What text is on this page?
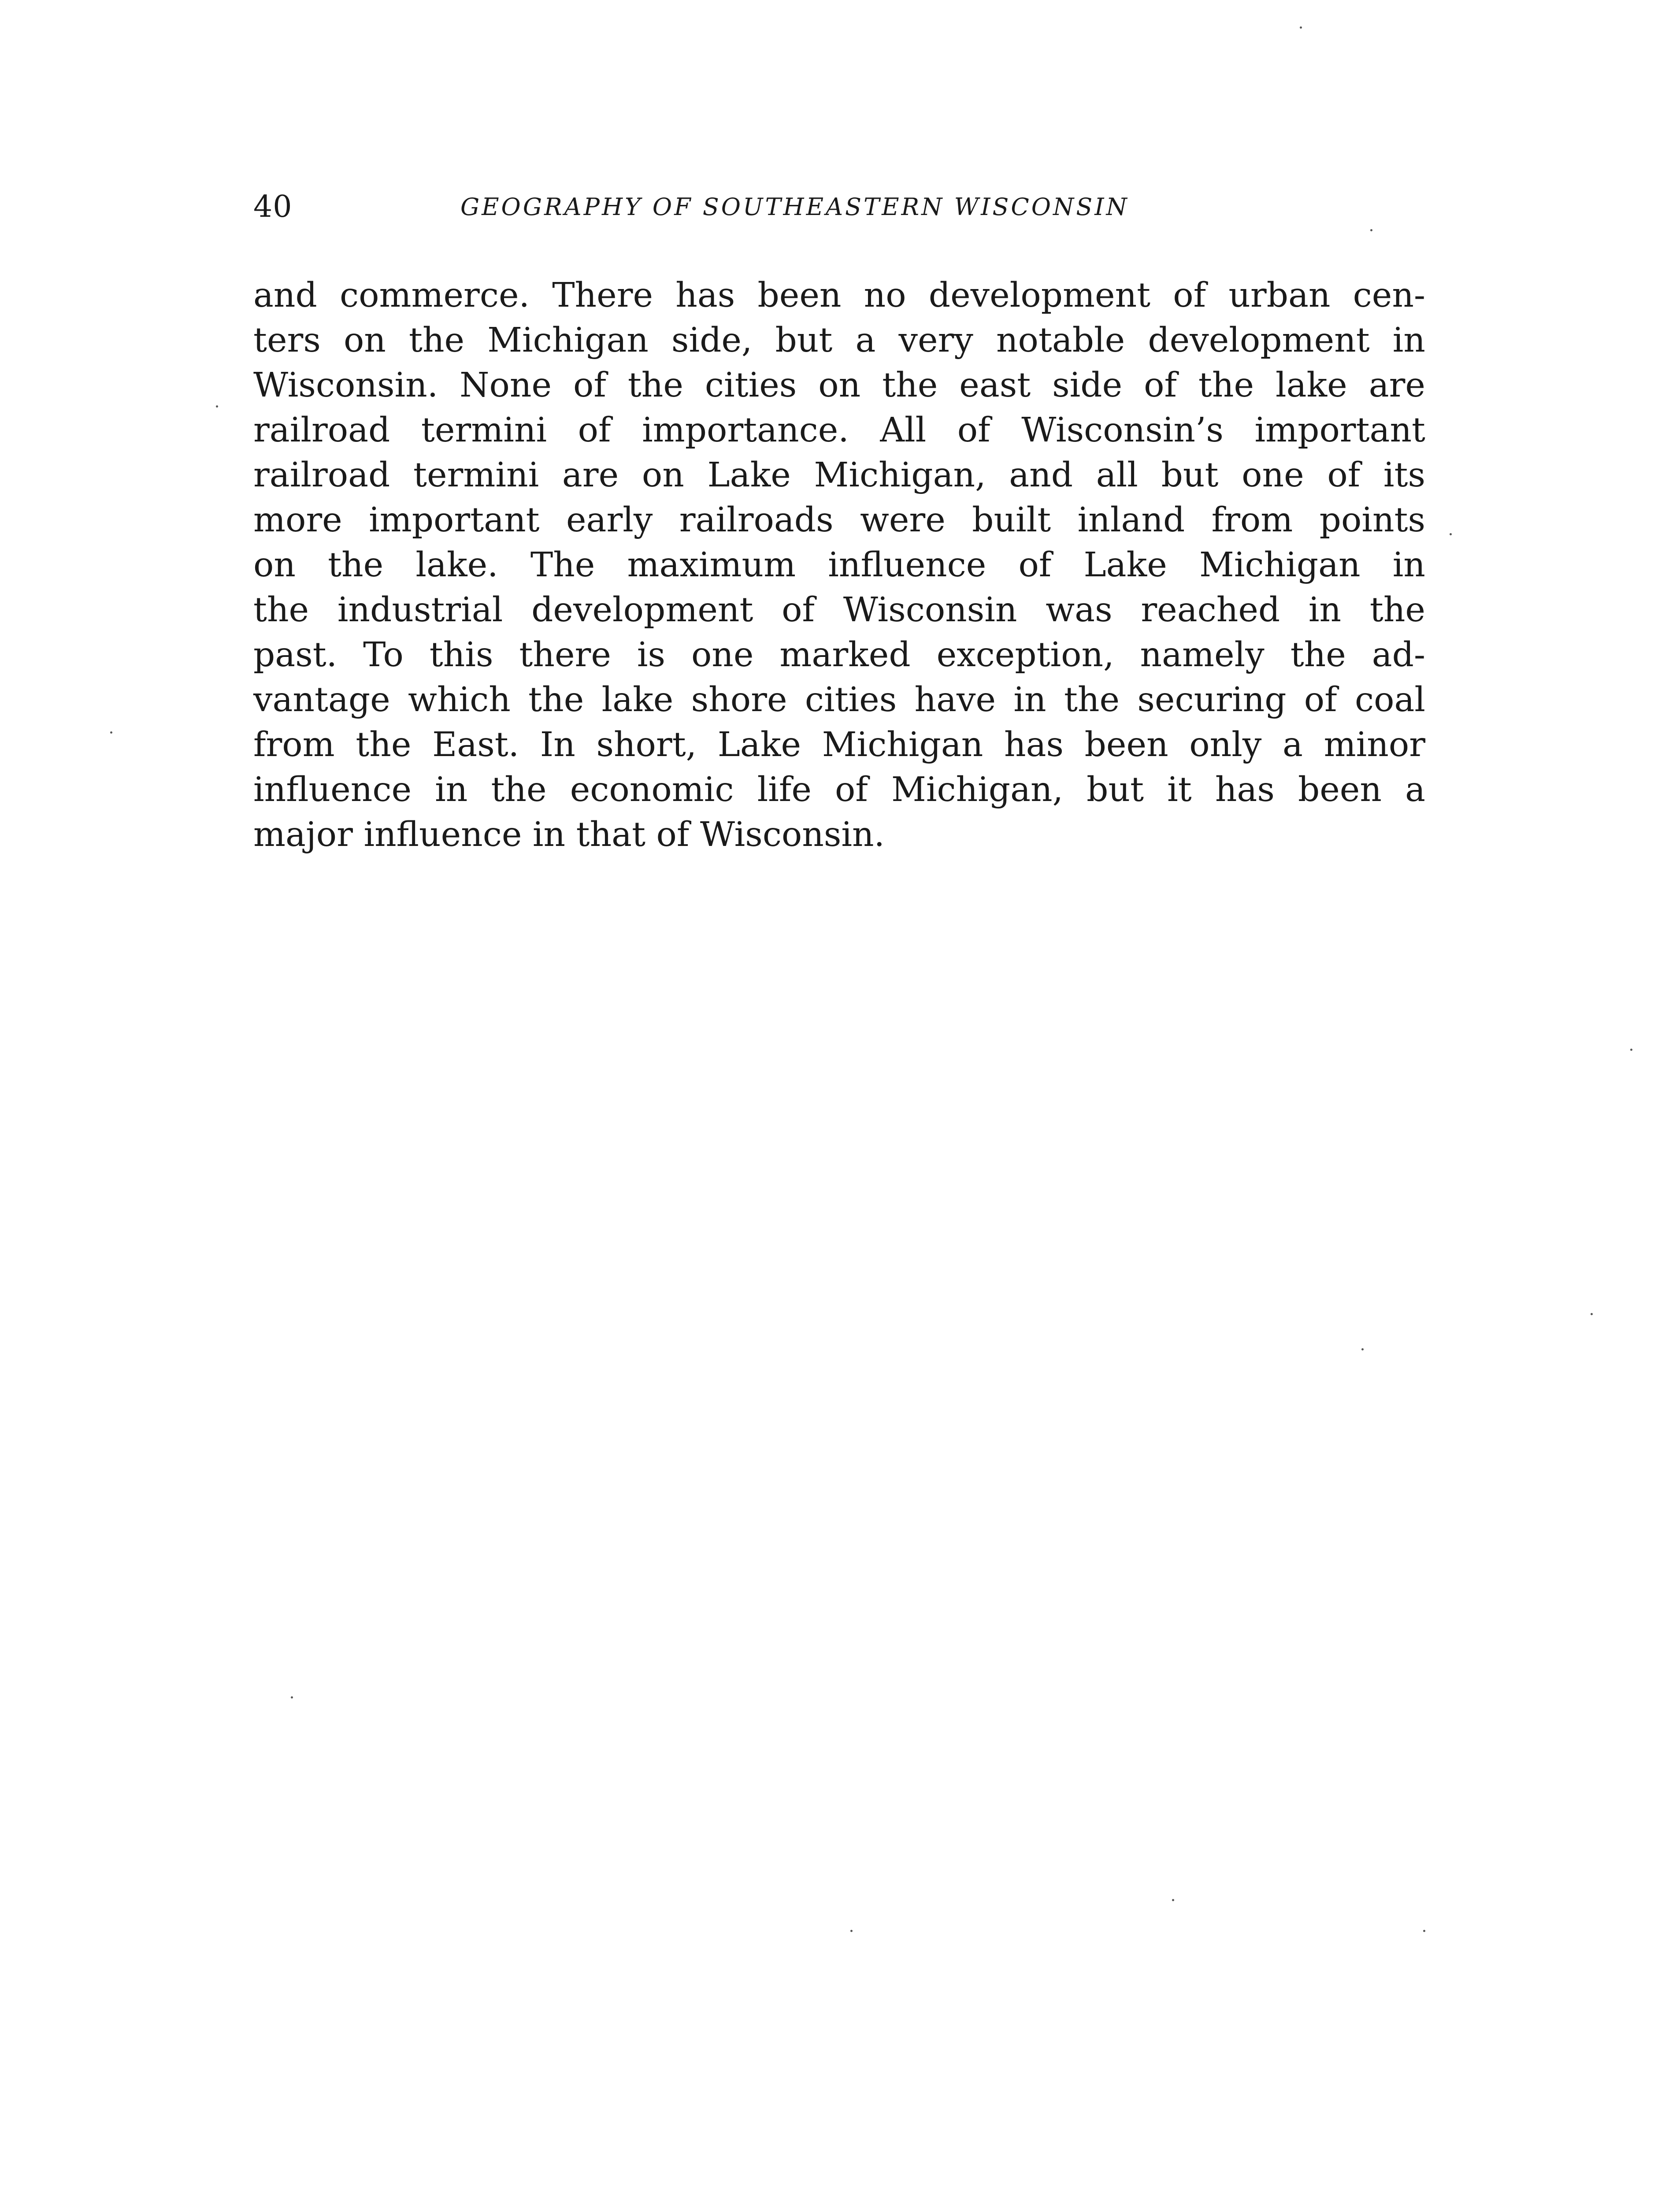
40	GEOGRAPHY OF SOUTHEASTERN WISCONSIN
and commerce. There has been no development of urban cen-
ters on the Michigan side, but a very notable development in
Wisconsin. None of the cities on the east side of the lake are
railroad termini of importance. All of Wisconsin’s important
railroad termini are on Lake Michigan, and all but one of its
more important early railroads were built inland from points
on the lake. The maximum influence of Lake Michigan in
the industrial development of Wisconsin was reached in the
past. To this there is one marked exception, namely the ad-
vantage which the lake shore cities have in the securing of coal
from the East. In short, Lake Michigan has been only a minor
influence in the economic life of Michigan, but it has been a
major influence in that of Wisconsin.
